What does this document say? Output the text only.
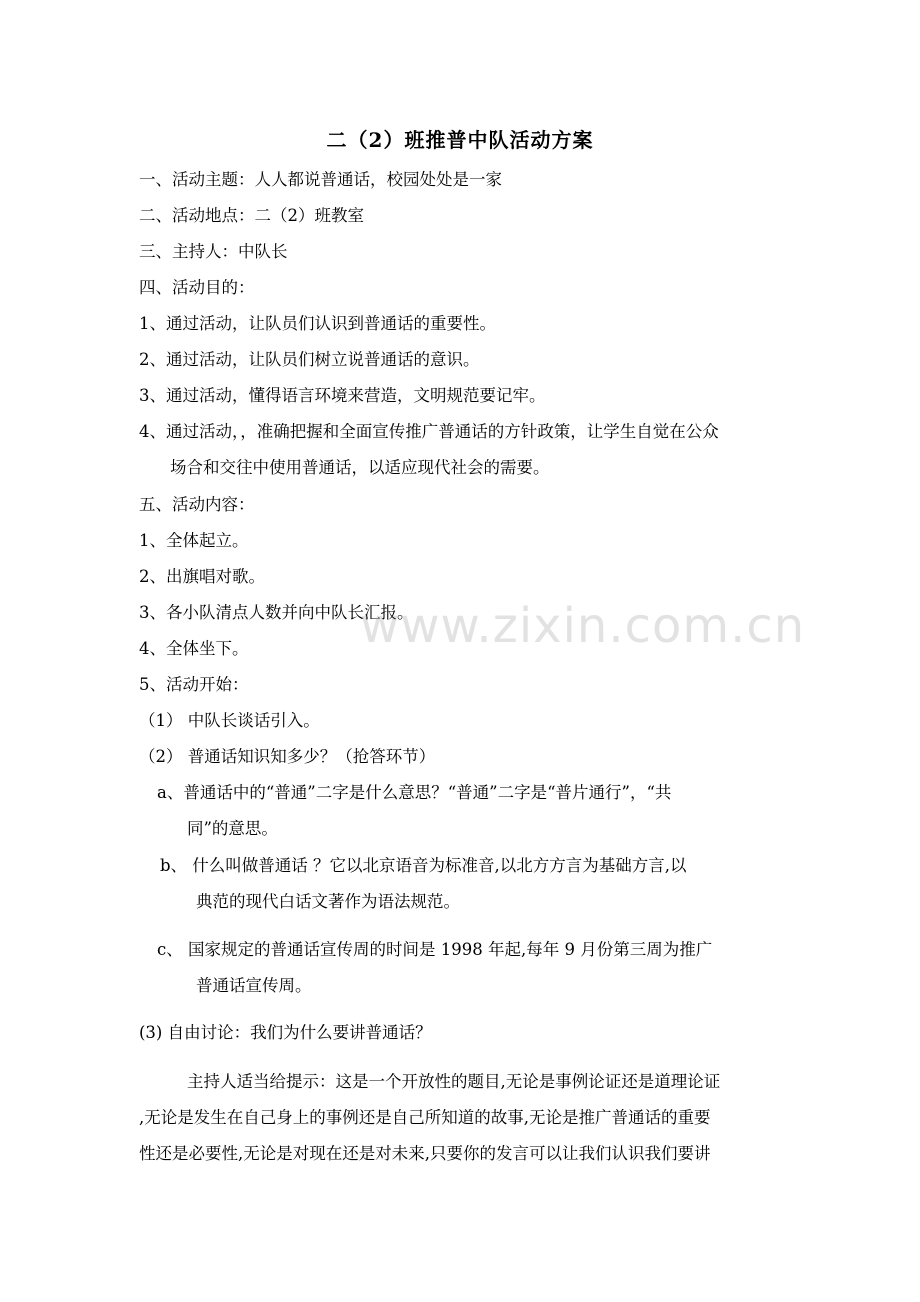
二（2）班推普中队活动方案
一、活动主题：人人都说普通话，校园处处是一家
二、活动地点：二（2）班教室
三、主持人：中队长
四、活动目的：
1、通过活动，让队员们认识到普通话的重要性。
2、通过活动，让队员们树立说普通话的意识。
3、通过活动，懂得语言环境来营造，文明规范要记牢。
4、通过活动，，准确把握和全面宣传推广普通话的方针政策，让学生自觉在公众
场合和交往中使用普通话，以适应现代社会的需要。
五、活动内容：
1、全体起立。
2、出旗唱对歌。
3、各小队清点人数并向中队长汇报。
4、全体坐下。
5、活动开始：
（1） 中队长谈话引入。
（2） 普通话知识知多少？（抢答环节）
a、普通话中的“普通”二字是什么意思？“普通”二字是“普片通行”，“共
同”的意思。
b、 什么叫做普通话 ？它以北京语音为标准音,以北方方言为基础方言,以
典范的现代白话文著作为语法规范。
c、 国家规定的普通话宣传周的时间是 1998 年起,每年 9 月份第三周为推广
普通话宣传周。
(3) 自由讨论：我们为什么要讲普通话？
主持人适当给提示：这是一个开放性的题目,无论是事例论证还是道理论证
,无论是发生在自己身上的事例还是自己所知道的故事,无论是推广普通话的重要
性还是必要性,无论是对现在还是对未来,只要你的发言可以让我们认识我们要讲
www.zixin.com.cn
